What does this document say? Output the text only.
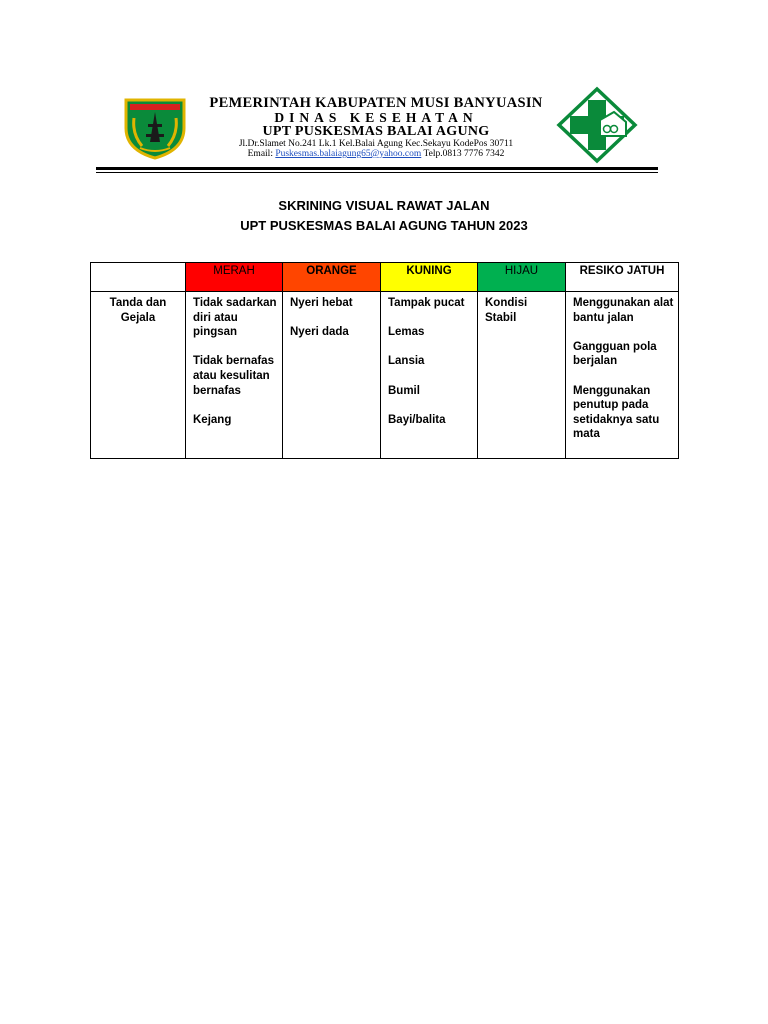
PEMERINTAH KABUPATEN MUSI BANYUASIN
DINAS KESEHATAN
UPT PUSKESMAS BALAI AGUNG
Jl.Dr.Slamet No.241 Lk.1 Kel.Balai Agung Kec.Sekayu KodePos 30711
Email: Puskesmas.balaiagung65@yahoo.com Telp.0813 7776 7342
SKRINING VISUAL RAWAT JALAN
UPT PUSKESMAS BALAI AGUNG TAHUN 2023

	MERAH	ORANGE	KUNING	HIJAU	RESIKO JATUH

Tanda dan Gejala	Tidak sadarkan diri atau pingsan
Tidak bernafas atau kesulitan bernafas
Kejang	Nyeri hebat
Nyeri dada	Tampak pucat
Lemas
Lansia
Bumil
Bayi/balita	Kondisi Stabil	Menggunakan alat bantu jalan
Gangguan pola berjalan
Menggunakan penutup pada setidaknya satu mata
